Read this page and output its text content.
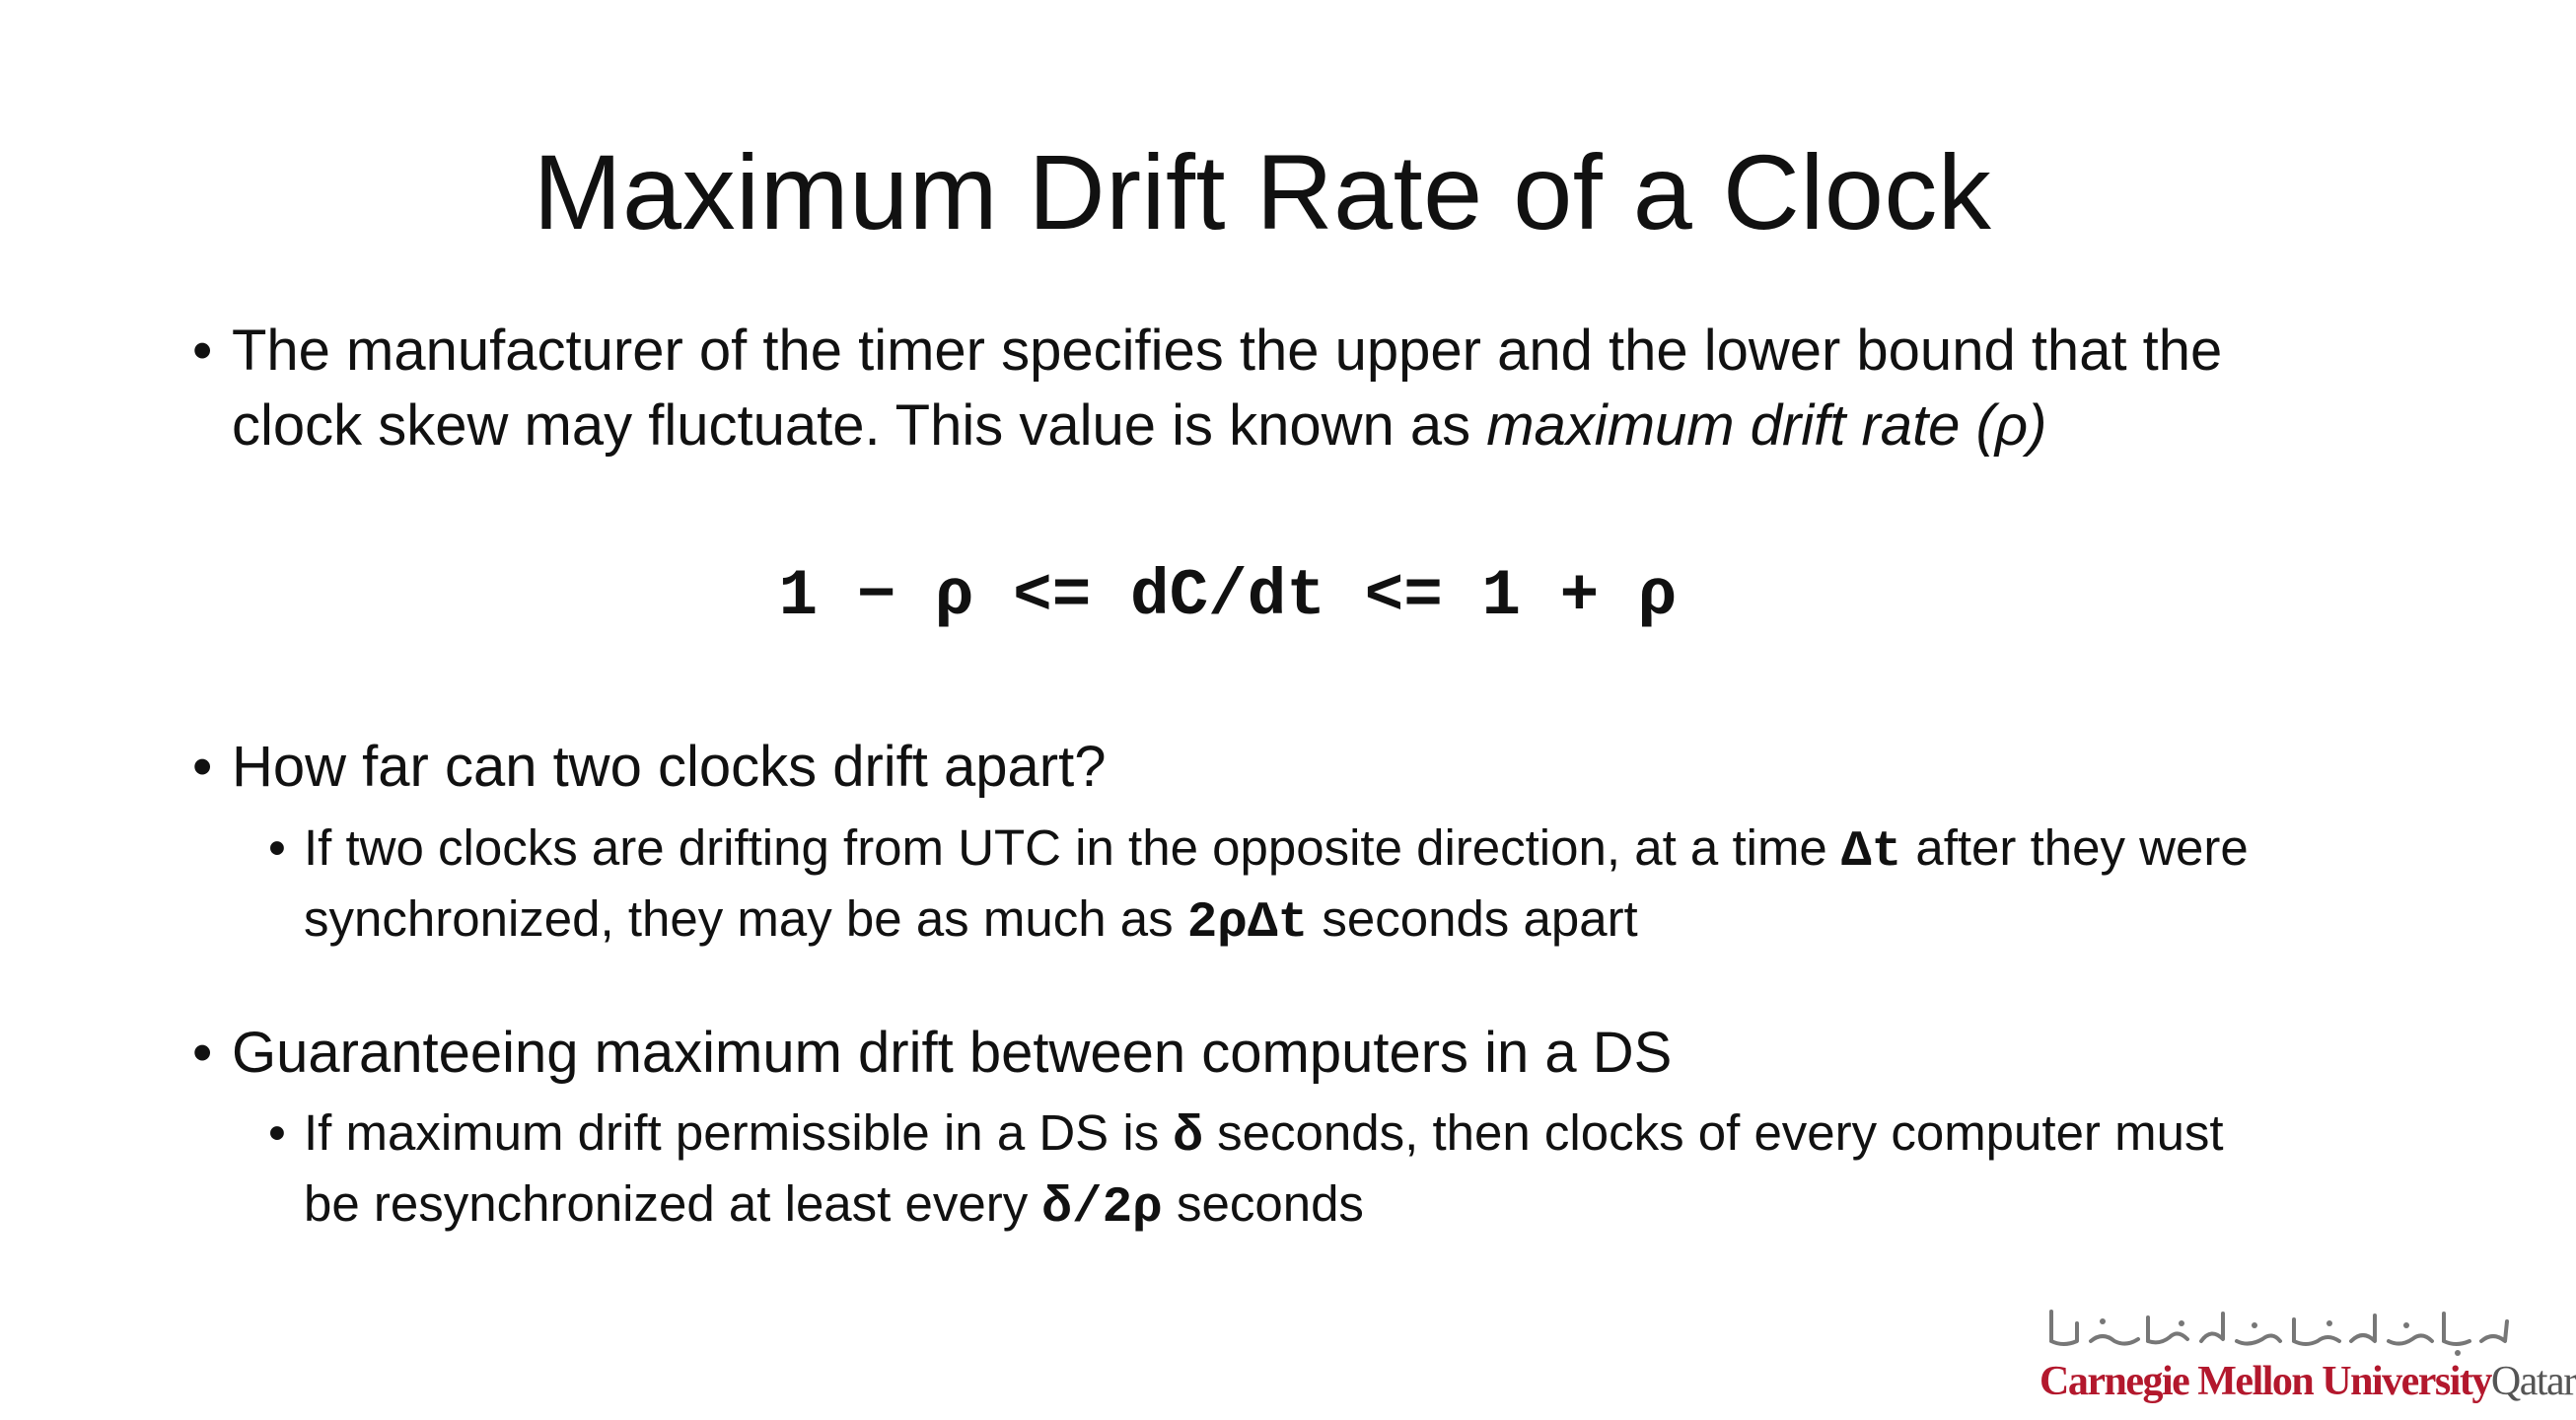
Maximum Drift Rate of a Clock
• The manufacturer of the timer specifies the upper and the lower bound that the clock skew may fluctuate. This value is known as maximum drift rate (ρ)
1 − ρ <= dC/dt <= 1 + ρ
• How far can two clocks drift apart?
• If two clocks are drifting from UTC in the opposite direction, at a time Δt after they were synchronized, they may be as much as 2ρΔt seconds apart
• Guaranteeing maximum drift between computers in a DS
• If maximum drift permissible in a DS is δ seconds, then clocks of every computer must be resynchronized at least every δ/2ρ seconds
Carnegie Mellon UniversityQatar
